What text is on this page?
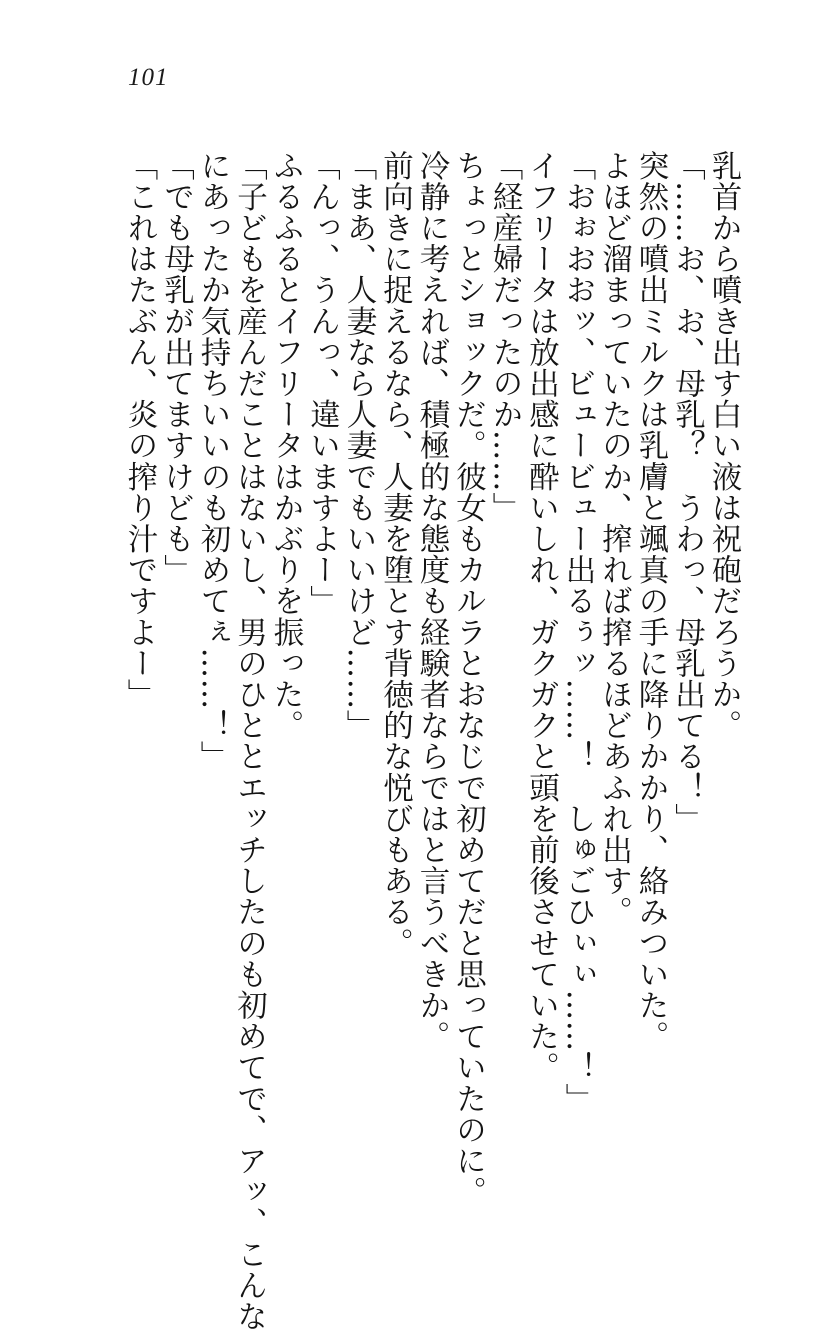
101
乳首から噴き出す白い液は祝砲だろうか。
「……お、お、母乳？　うわっ、母乳出てる！」
突然の噴出ミルクは乳膚と颯真の手に降りかかり、絡みついた。
よほど溜まっていたのか、搾れば搾るほどあふれ出す。
「おぉおおッ、ビュービュー出るぅッ……！　しゅごひぃぃ……！」
イフリータは放出感に酔いしれ、ガクガクと頭を前後させていた。
「経産婦だったのか……」
ちょっとショックだ。彼女もカルラとおなじで初めてだと思っていたのに。
冷静に考えれば、積極的な態度も経験者ならではと言うべきか。
前向きに捉えるなら、人妻を堕とす背徳的な悦びもある。
「まあ、人妻なら人妻でもいいけど……」
「んっ、うんっ、違いますよー」
ふるふるとイフリータはかぶりを振った。
「子どもを産んだことはないし、男のひととエッチしたのも初めてで、アッ、こんな
にあったか気持ちいいのも初めてぇ……！」
「でも母乳が出てますけども」
「これはたぶん、炎の搾り汁ですよー」
